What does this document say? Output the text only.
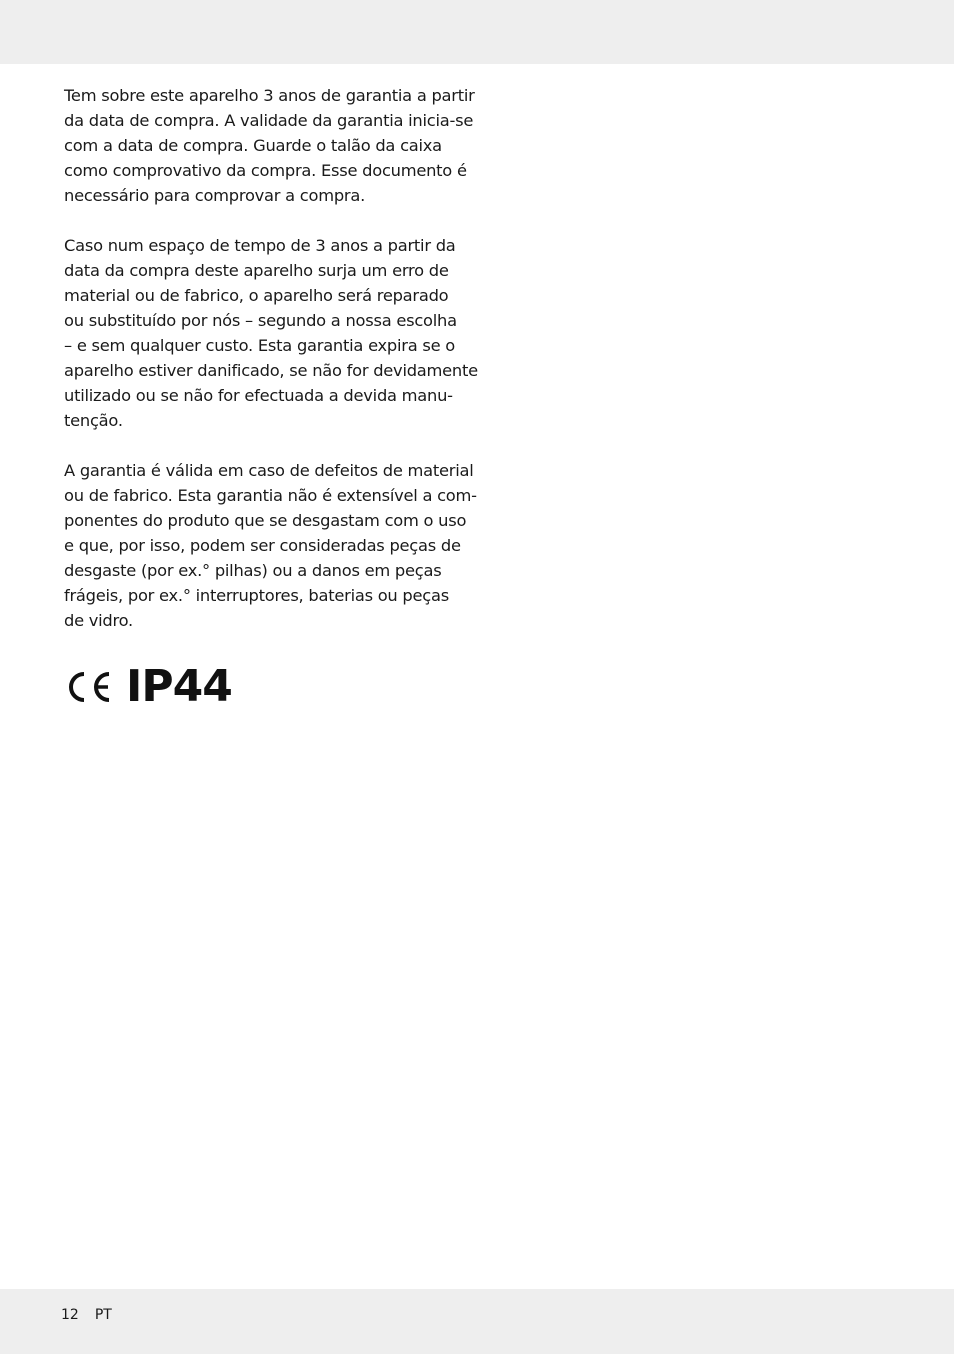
Tem sobre este aparelho 3 anos de garantia a partir
da data de compra. A validade da garantia inicia-se
com a data de compra. Guarde o talão da caixa
como comprovativo da compra. Esse documento é
necessário para comprovar a compra.

Caso num espaço de tempo de 3 anos a partir da
data da compra deste aparelho surja um erro de
material ou de fabrico, o aparelho será reparado
ou substituído por nós – segundo a nossa escolha
– e sem qualquer custo. Esta garantia expira se o
aparelho estiver danificado, se não for devidamente
utilizado ou se não for efectuada a devida manu-
tenção.

A garantia é válida em caso de defeitos de material
ou de fabrico. Esta garantia não é extensível a com-
ponentes do produto que se desgastam com o uso
e que, por isso, podem ser consideradas peças de
desgaste (por ex.° pilhas) ou a danos em peças
frágeis, por ex.° interruptores, baterias ou peças
de vidro.

IP44
12 PT
